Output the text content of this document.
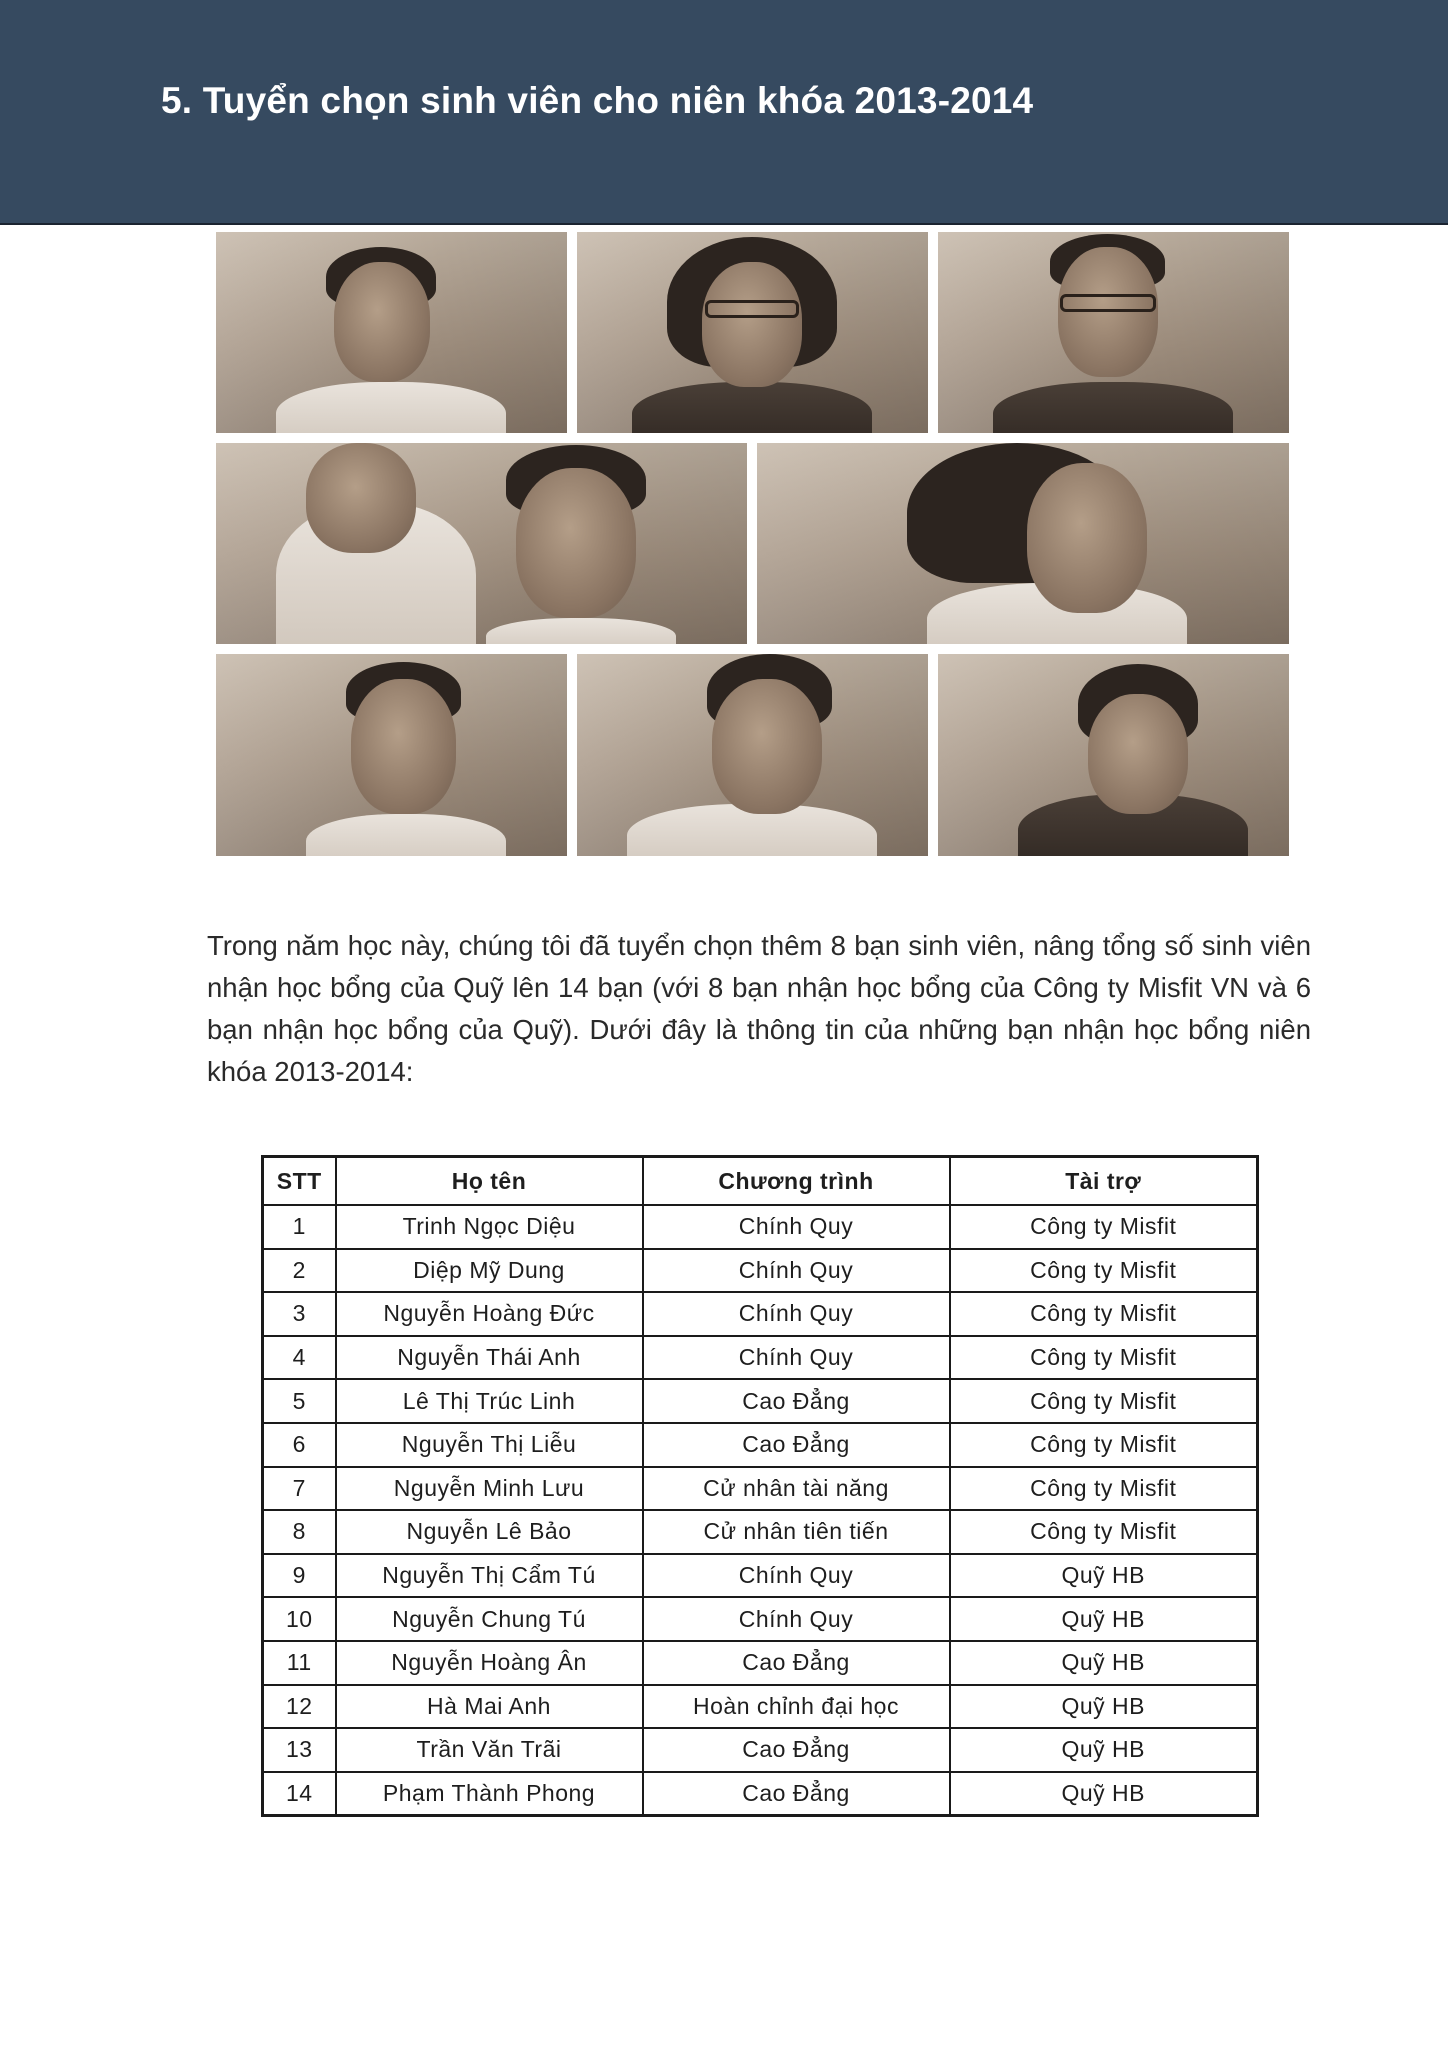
5. Tuyển chọn sinh viên cho niên khóa 2013-2014

Trong năm học này, chúng tôi đã tuyển chọn thêm 8 bạn sinh viên, nâng tổng số sinh viên nhận học bổng của Quỹ lên 14 bạn (với 8 bạn nhận học bổng của Công ty Misfit VN và 6 bạn nhận học bổng của Quỹ). Dưới đây là thông tin của những bạn nhận học bổng niên khóa 2013-2014:

STT	Họ tên	Chương trình	Tài trợ
1	Trinh Ngọc Diệu	Chính Quy	Công ty Misfit
2	Diệp Mỹ Dung	Chính Quy	Công ty Misfit
3	Nguyễn Hoàng Đức	Chính Quy	Công ty Misfit
4	Nguyễn Thái Anh	Chính Quy	Công ty Misfit
5	Lê Thị Trúc Linh	Cao Đẳng	Công ty Misfit
6	Nguyễn Thị Liễu	Cao Đẳng	Công ty Misfit
7	Nguyễn Minh Lưu	Cử nhân tài năng	Công ty Misfit
8	Nguyễn Lê Bảo	Cử nhân tiên tiến	Công ty Misfit
9	Nguyễn Thị Cẩm Tú	Chính Quy	Quỹ HB
10	Nguyễn Chung Tú	Chính Quy	Quỹ HB
11	Nguyễn Hoàng Ân	Cao Đẳng	Quỹ HB
12	Hà Mai Anh	Hoàn chỉnh đại học	Quỹ HB
13	Trần Văn Trãi	Cao Đẳng	Quỹ HB
14	Phạm Thành Phong	Cao Đẳng	Quỹ HB
